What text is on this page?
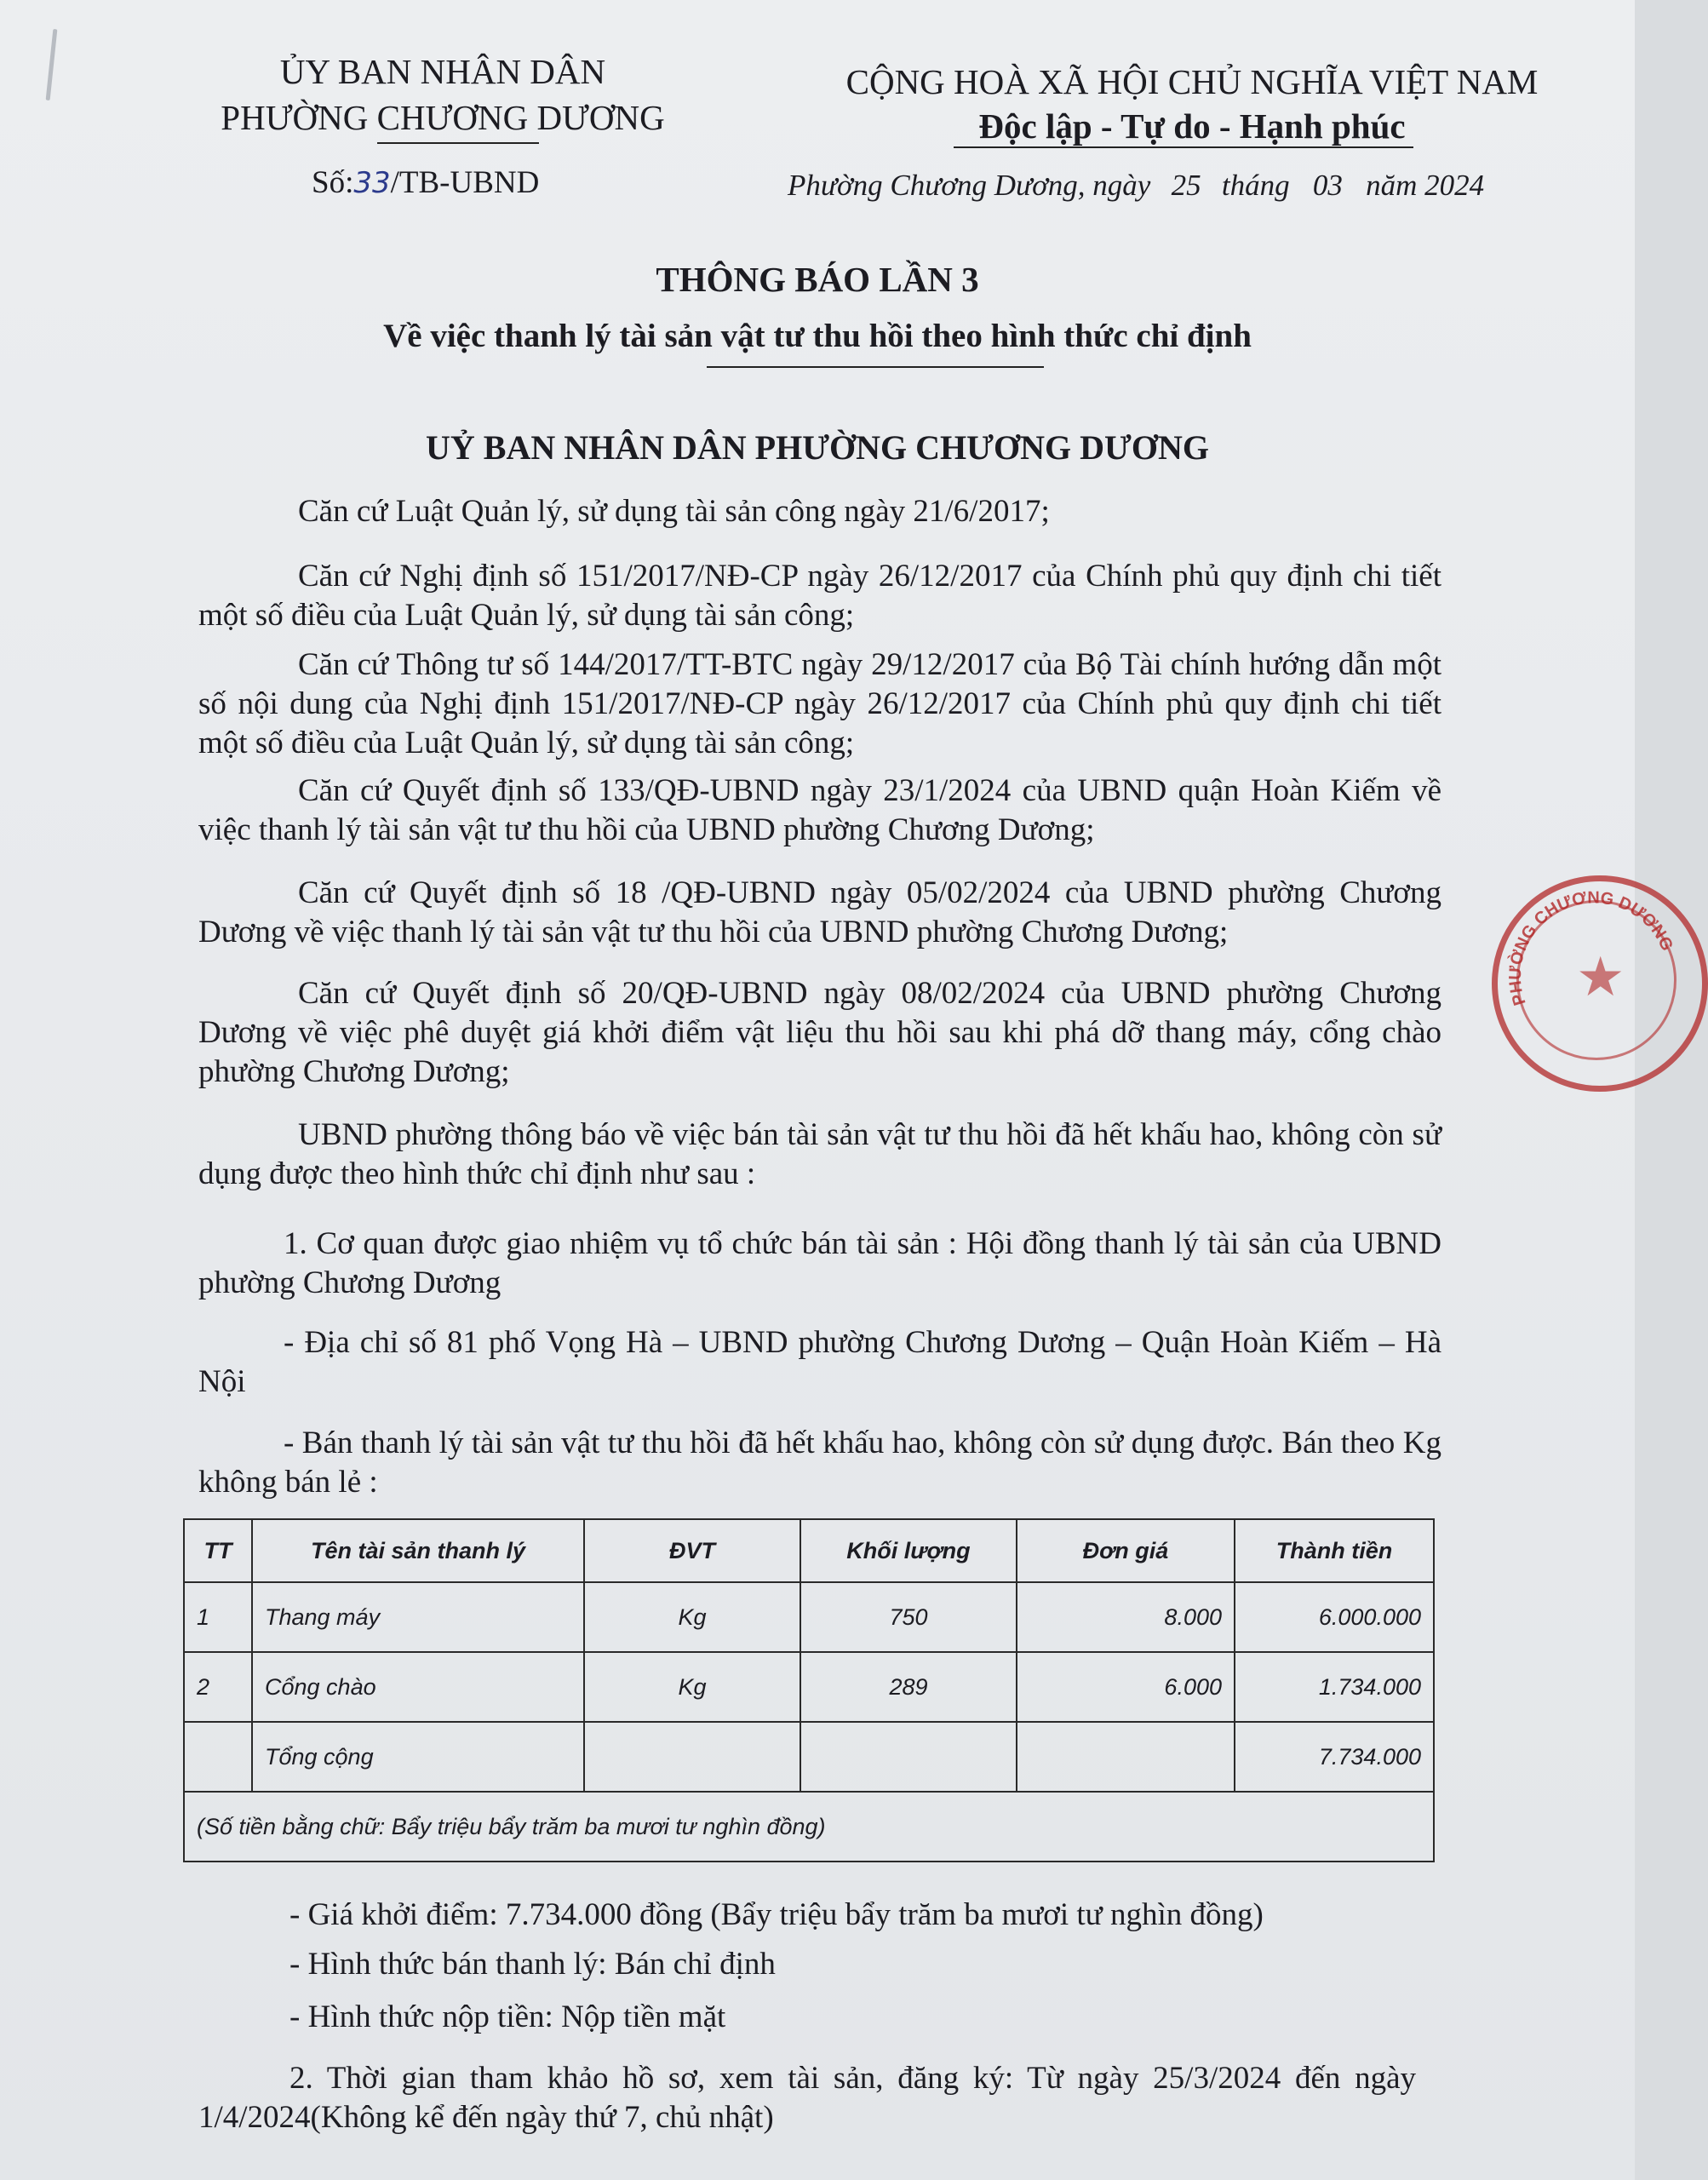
ỦY BAN NHÂN DÂN
PHƯỜNG CHƯƠNG DƯƠNG
Số:33/TB-UBND
CỘNG HOÀ XÃ HỘI CHỦ NGHĨA VIỆT NAM
Độc lập - Tự do - Hạnh phúc
Phường Chương Dương, ngày 25 tháng 03 năm 2024
THÔNG BÁO LẦN 3
Về việc thanh lý tài sản vật tư thu hồi theo hình thức chỉ định
UỶ BAN NHÂN DÂN PHƯỜNG CHƯƠNG DƯƠNG
Căn cứ Luật Quản lý, sử dụng tài sản công ngày 21/6/2017;
Căn cứ Nghị định số 151/2017/NĐ-CP ngày 26/12/2017 của Chính phủ quy định chi tiết một số điều của Luật Quản lý, sử dụng tài sản công;
Căn cứ Thông tư số 144/2017/TT-BTC ngày 29/12/2017 của Bộ Tài chính hướng dẫn một số nội dung của Nghị định 151/2017/NĐ-CP ngày 26/12/2017 của Chính phủ quy định chi tiết một số điều của Luật Quản lý, sử dụng tài sản công;
Căn cứ Quyết định số 133/QĐ-UBND ngày 23/1/2024 của UBND quận Hoàn Kiếm về việc thanh lý tài sản vật tư thu hồi của UBND phường Chương Dương;
Căn cứ Quyết định số 18 /QĐ-UBND ngày 05/02/2024 của UBND phường Chương Dương về việc thanh lý tài sản vật tư thu hồi của UBND phường Chương Dương;
Căn cứ Quyết định số 20/QĐ-UBND ngày 08/02/2024 của UBND phường Chương Dương về việc phê duyệt giá khởi điểm vật liệu thu hồi sau khi phá dỡ thang máy, cổng chào phường Chương Dương;
UBND phường thông báo về việc bán tài sản vật tư thu hồi đã hết khấu hao, không còn sử dụng được theo hình thức chỉ định như sau :
1. Cơ quan được giao nhiệm vụ tổ chức bán tài sản : Hội đồng thanh lý tài sản của UBND phường Chương Dương
- Địa chỉ số 81 phố Vọng Hà – UBND phường Chương Dương – Quận Hoàn Kiếm – Hà Nội
- Bán thanh lý tài sản vật tư thu hồi đã hết khấu hao, không còn sử dụng được. Bán theo Kg không bán lẻ :
TT	Tên tài sản thanh lý	ĐVT	Khối lượng	Đơn giá	Thành tiền
1	Thang máy	Kg	750	8.000	6.000.000
2	Cổng chào	Kg	289	6.000	1.734.000
	Tổng cộng				7.734.000
(Số tiền bằng chữ: Bẩy triệu bẩy trăm ba mươi tư nghìn đồng)					
- Giá khởi điểm: 7.734.000 đồng (Bẩy triệu bẩy trăm ba mươi tư nghìn đồng)
- Hình thức bán thanh lý: Bán chỉ định
- Hình thức nộp tiền: Nộp tiền mặt
2. Thời gian tham khảo hồ sơ, xem tài sản, đăng ký: Từ ngày 25/3/2024 đến ngày 1/4/2024(Không kể đến ngày thứ 7, chủ nhật)
PHƯỜNG CHƯƠNG DƯƠNG
★
